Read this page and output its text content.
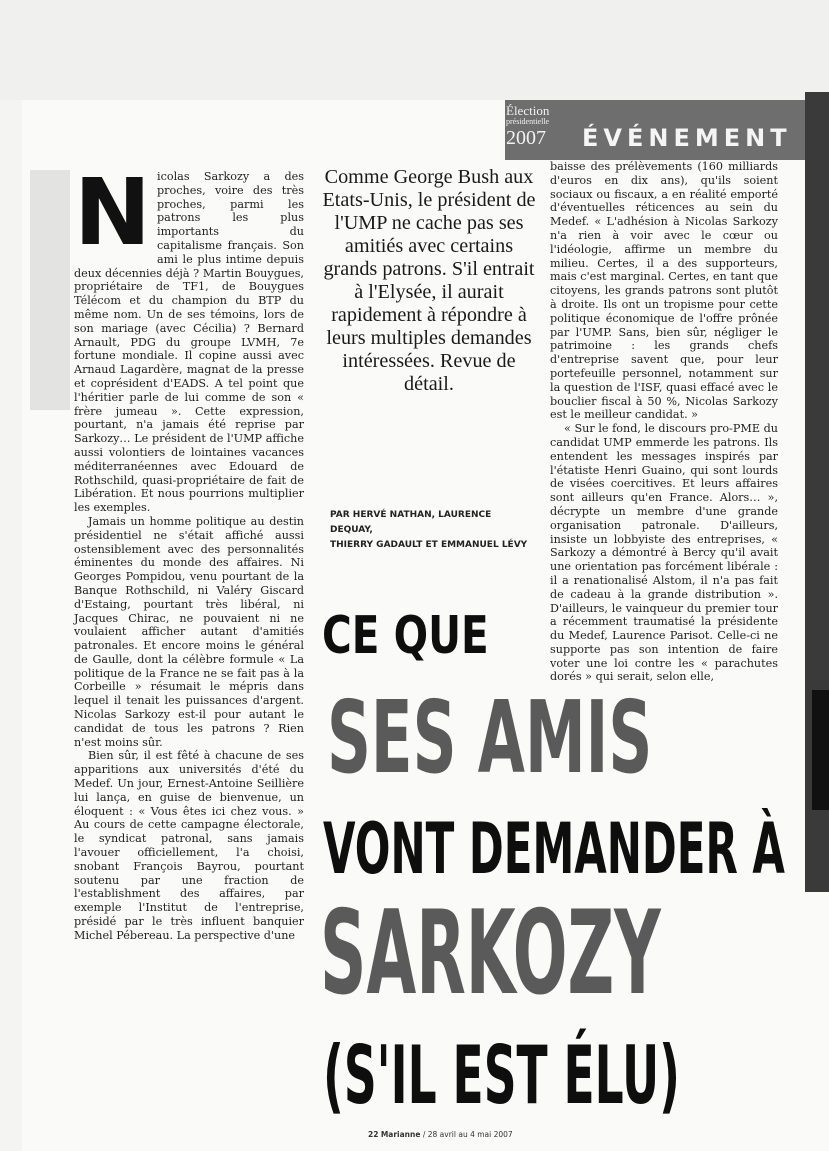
Élection
présidentielle
2007	ÉVÉNEMENT

Nicolas Sarkozy a des proches, voire des très proches, parmi les patrons les plus importants du capitalisme français. Son ami le plus intime depuis deux décennies déjà ? Martin Bouygues, propriétaire de TF1, de Bouygues Télécom et du champion du BTP du même nom. Un de ses témoins, lors de son mariage (avec Cécilia) ? Bernard Arnault, PDG du groupe LVMH, 7e fortune mondiale. Il copine aussi avec Arnaud Lagardère, magnat de la presse et coprésident d'EADS. A tel point que l'héritier parle de lui comme de son « frère jumeau ». Cette expression, pourtant, n'a jamais été reprise par Sarkozy… Le président de l'UMP affiche aussi volontiers de lointaines vacances méditerranéennes avec Edouard de Rothschild, quasi-propriétaire de fait de Libération. Et nous pourrions multiplier les exemples.

Jamais un homme politique au destin présidentiel ne s'était affiché aussi ostensiblement avec des personnalités éminentes du monde des affaires. Ni Georges Pompidou, venu pourtant de la Banque Rothschild, ni Valéry Giscard d'Estaing, pourtant très libéral, ni Jacques Chirac, ne pouvaient ni ne voulaient afficher autant d'amitiés patronales. Et encore moins le général de Gaulle, dont la célèbre formule « La politique de la France ne se fait pas à la Corbeille » résumait le mépris dans lequel il tenait les puissances d'argent. Nicolas Sarkozy est-il pour autant le candidat de tous les patrons ? Rien n'est moins sûr.

Bien sûr, il est fêté à chacune de ses apparitions aux universités d'été du Medef. Un jour, Ernest-Antoine Seillière lui lança, en guise de bienvenue, un éloquent : « Vous êtes ici chez vous. » Au cours de cette campagne électorale, le syndicat patronal, sans jamais l'avouer officiellement, l'a choisi, snobant François Bayrou, pourtant soutenu par une fraction de l'establishment des affaires, par exemple l'Institut de l'entreprise, présidé par le très influent banquier Michel Pébereau. La perspective d'une

Comme George Bush aux Etats-Unis, le président de l'UMP ne cache pas ses amitiés avec certains grands patrons. S'il entrait à l'Elysée, il aurait rapidement à répondre à leurs multiples demandes intéressées. Revue de détail.
PAR HERVÉ NATHAN, LAURENCE DEQUAY,
THIERRY GADAULT ET EMMANUEL LÉVY

baisse des prélèvements (160 milliards d'euros en dix ans), qu'ils soient sociaux ou fiscaux, a en réalité emporté d'éventuelles réticences au sein du Medef. « L'adhésion à Nicolas Sarkozy n'a rien à voir avec le cœur ou l'idéologie, affirme un membre du milieu. Certes, il a des supporteurs, mais c'est marginal. Certes, en tant que citoyens, les grands patrons sont plutôt à droite. Ils ont un tropisme pour cette politique économique de l'offre prônée par l'UMP. Sans, bien sûr, négliger le patrimoine : les grands chefs d'entreprise savent que, pour leur portefeuille personnel, notamment sur la question de l'ISF, quasi effacé avec le bouclier fiscal à 50 %, Nicolas Sarkozy est le meilleur candidat. »

« Sur le fond, le discours pro-PME du candidat UMP emmerde les patrons. Ils entendent les messages inspirés par l'étatiste Henri Guaino, qui sont lourds de visées coercitives. Et leurs affaires sont ailleurs qu'en France. Alors… », décrypte un membre d'une grande organisation patronale. D'ailleurs, insiste un lobbyiste des entreprises, « Sarkozy a démontré à Bercy qu'il avait une orientation pas forcément libérale : il a renationalisé Alstom, il n'a pas fait de cadeau à la grande distribution ». D'ailleurs, le vainqueur du premier tour a récemment traumatisé la présidente du Medef, Laurence Parisot. Celle-ci ne supporte pas son intention de faire voter une loi contre les « parachutes dorés » qui serait, selon elle,

CE QUE
SES AMIS
VONT DEMANDER À
SARKOZY
(S'IL EST ÉLU)
22 Marianne / 28 avril au 4 mai 2007
